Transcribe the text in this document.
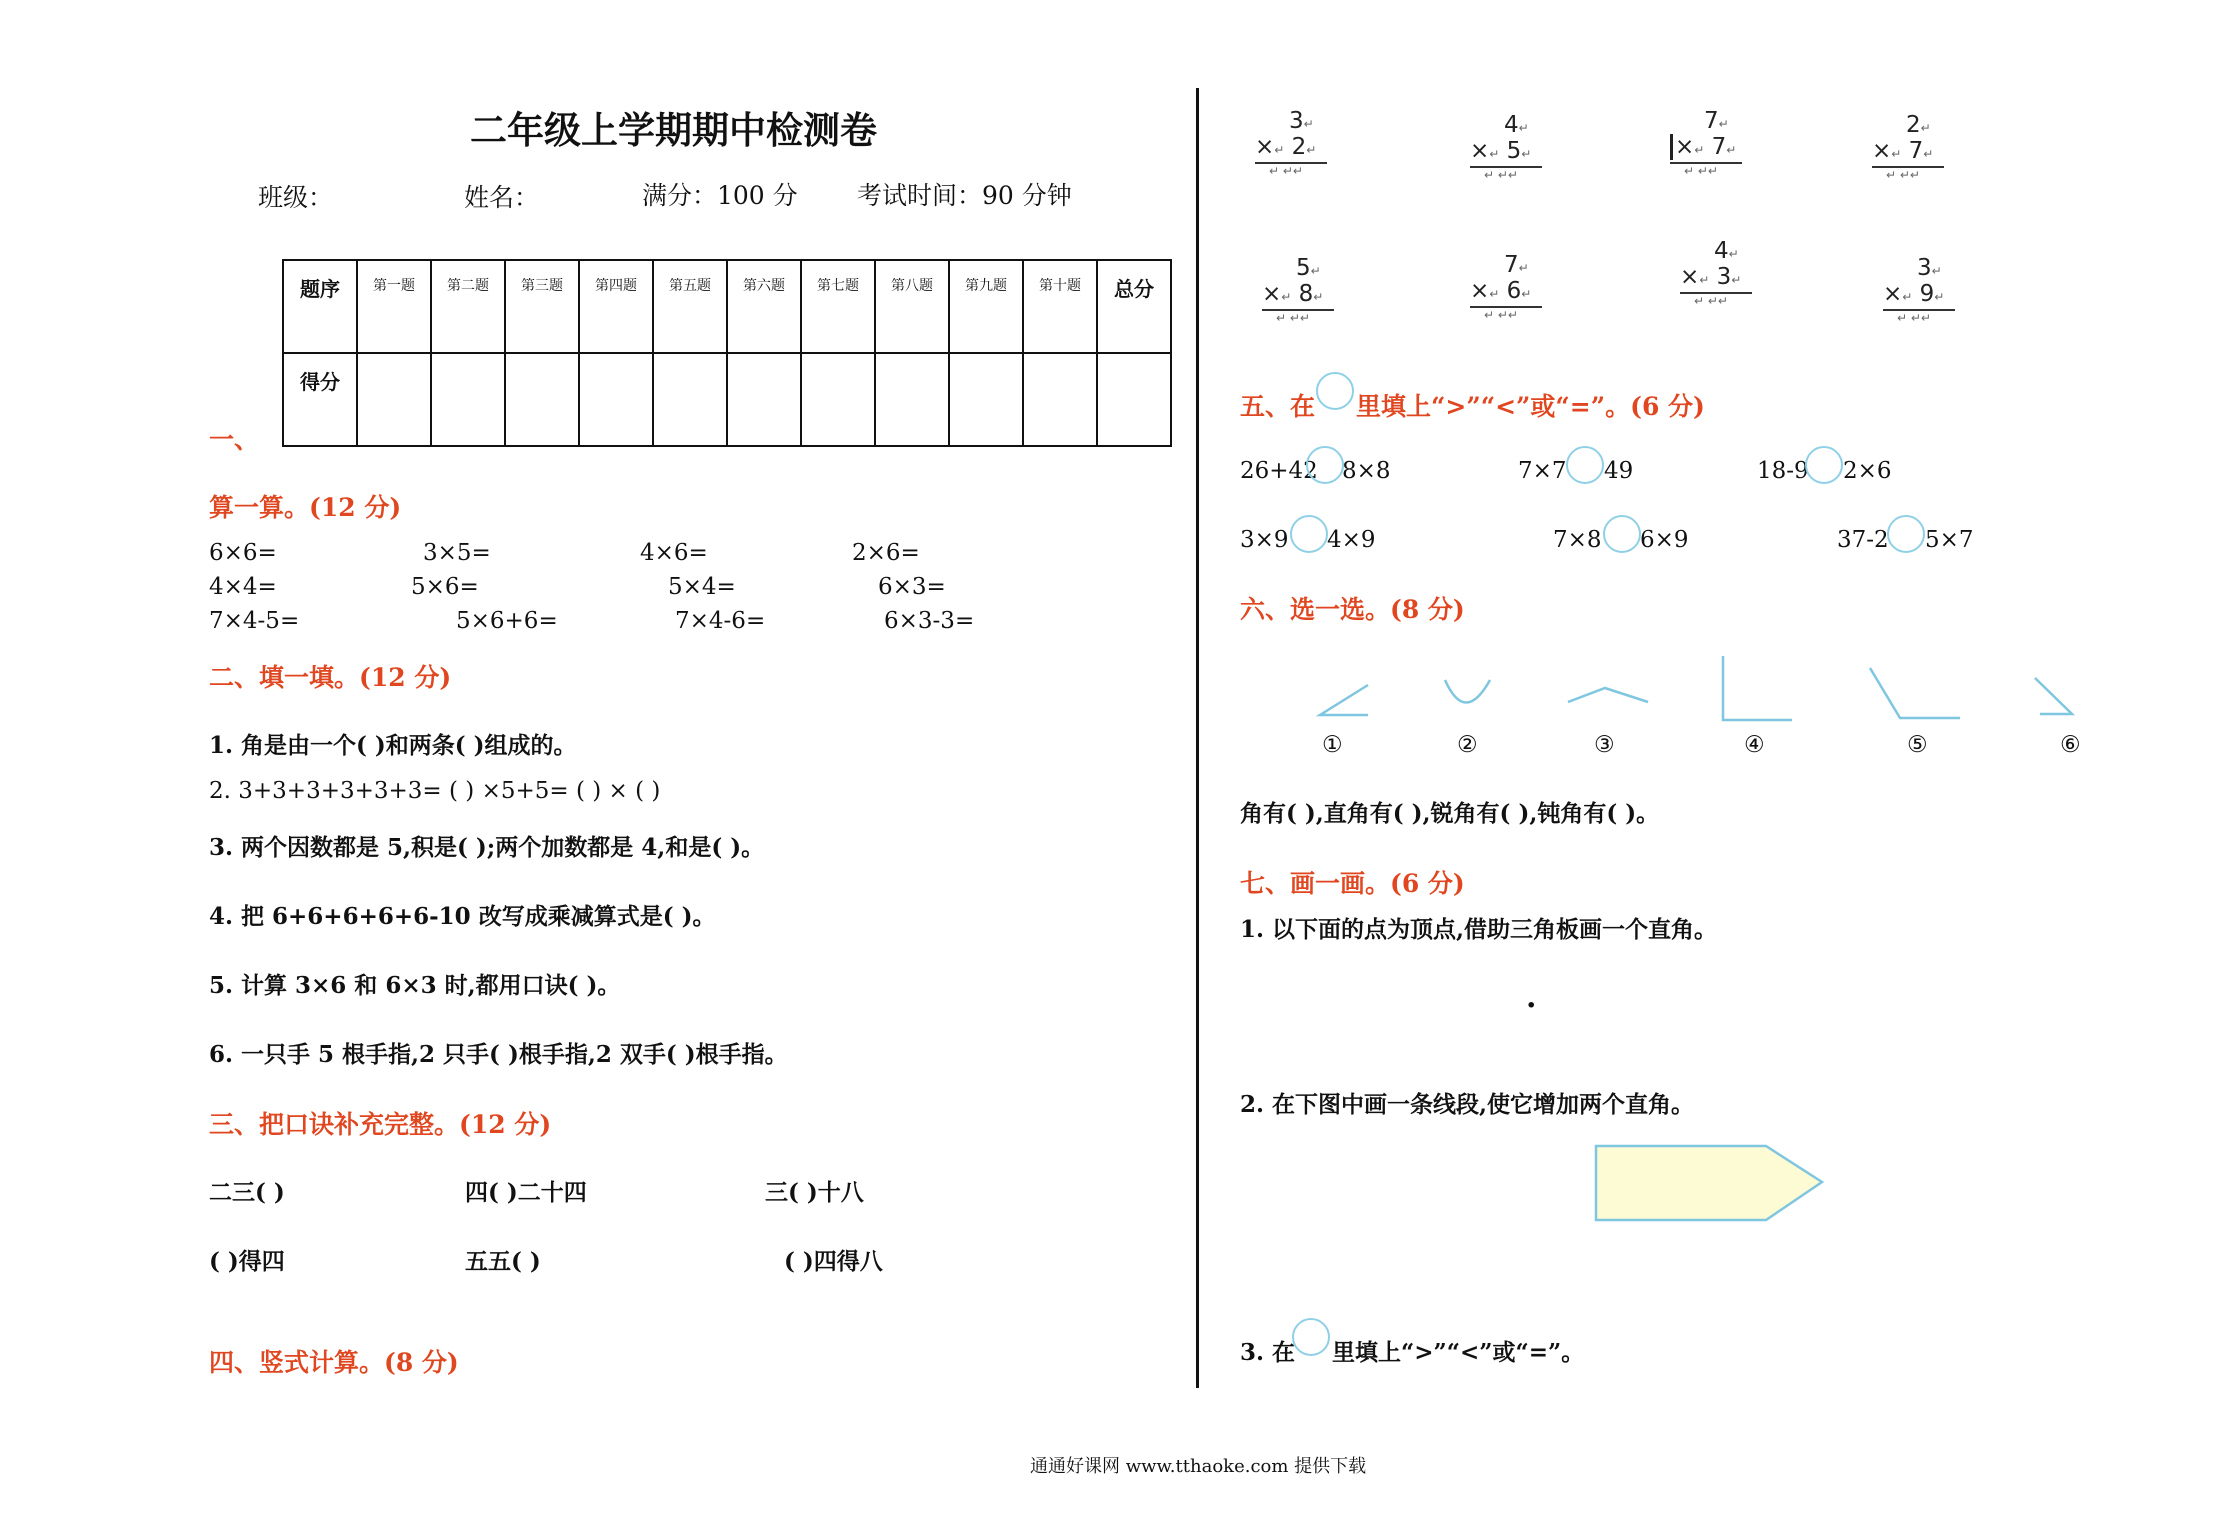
二年级上学期期中检测卷
班级：	姓名：	满分：100 分 考试时间：90 分钟
题序	第一题	第二题	第三题	第四题	第五题	第六题	第七题	第八题	第九题	第十题	总分
得分											
一、
算一算。(12 分)
6×6=	3×5=	4×6=	2×6=
4×4=	5×6=	5×4=	6×3=
7×4-5=	5×6+6=	7×4-6=	6×3-3=
二、填一填。(12 分)
1. 角是由一个( )和两条( )组成的。
2. 3+3+3+3+3+3= ( ) ×5+5= ( ) × ( )
3. 两个因数都是 5,积是( );两个加数都是 4,和是( )。
4. 把 6+6+6+6+6-10 改写成乘减算式是( )。
5. 计算 3×6 和 6×3 时,都用口诀( )。
6. 一只手 5 根手指,2 只手( )根手指,2 双手( )根手指。
三、把口诀补充完整。(12 分)
二三( )	四( )二十四	三( )十八
( )得四	五五( )	( )四得八
四、竖式计算。(8 分)
3↵
×↵ 2↵
↵ ↵↵
4↵
×↵ 5↵
↵ ↵↵
7↵
×↵ 7↵
↵ ↵↵
2↵
×↵ 7↵
↵ ↵↵
5↵
×↵ 8↵
↵ ↵↵
7↵
×↵ 6↵
↵ ↵↵
4↵
×↵ 3↵
↵ ↵↵
3↵
×↵ 9↵
↵ ↵↵
五、在 里填上“>”“<”或“=”。(6 分)
26+42 8×8	7×7 49	18-9 2×6
3×9 4×9	7×8 6×9	37-2 5×7
六、选一选。(8 分)
①	②	③	④	⑤	⑥
角有( ),直角有( ),锐角有( ),钝角有( )。
七、画一画。(6 分)
1. 以下面的点为顶点,借助三角板画一个直角。
·
2. 在下图中画一条线段,使它增加两个直角。
3. 在 里填上“>”“<”或“=”。
通通好课网 www.tthaoke.com 提供下载
